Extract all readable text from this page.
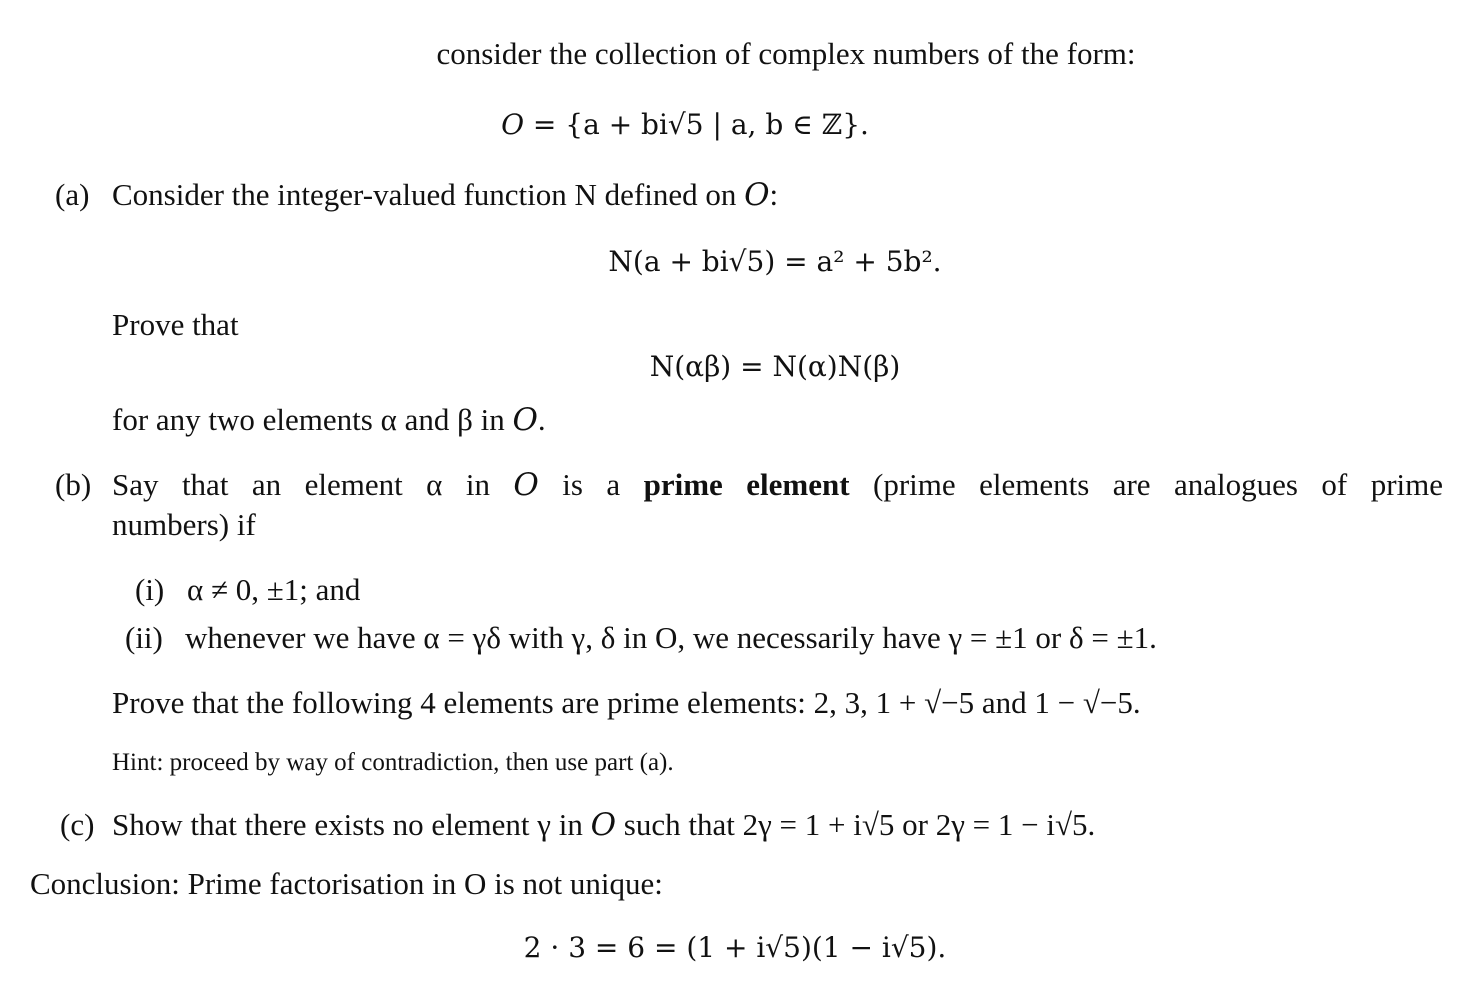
consider the collection of complex numbers of the form:
𝑂 = {a + bi√5 | a, b ∈ ℤ}.
(a) Consider the integer-valued function N defined on 𝑂:
N(a + bi√5) = a² + 5b².
Prove that
N(αβ) = N(α)N(β)
for any two elements α and β in 𝑂.
(b) Say that an element α in 𝑂 is a prime element (prime elements are analogues of prime
numbers) if
(i) α ≠ 0, ±1; and
(ii) whenever we have α = γδ with γ, δ in O, we necessarily have γ = ±1 or δ = ±1.
Prove that the following 4 elements are prime elements: 2, 3, 1 + √−5 and 1 − √−5.
Hint: proceed by way of contradiction, then use part (a).
(c) Show that there exists no element γ in 𝑂 such that 2γ = 1 + i√5 or 2γ = 1 − i√5.
Conclusion: Prime factorisation in O is not unique:
2 · 3 = 6 = (1 + i√5)(1 − i√5).
